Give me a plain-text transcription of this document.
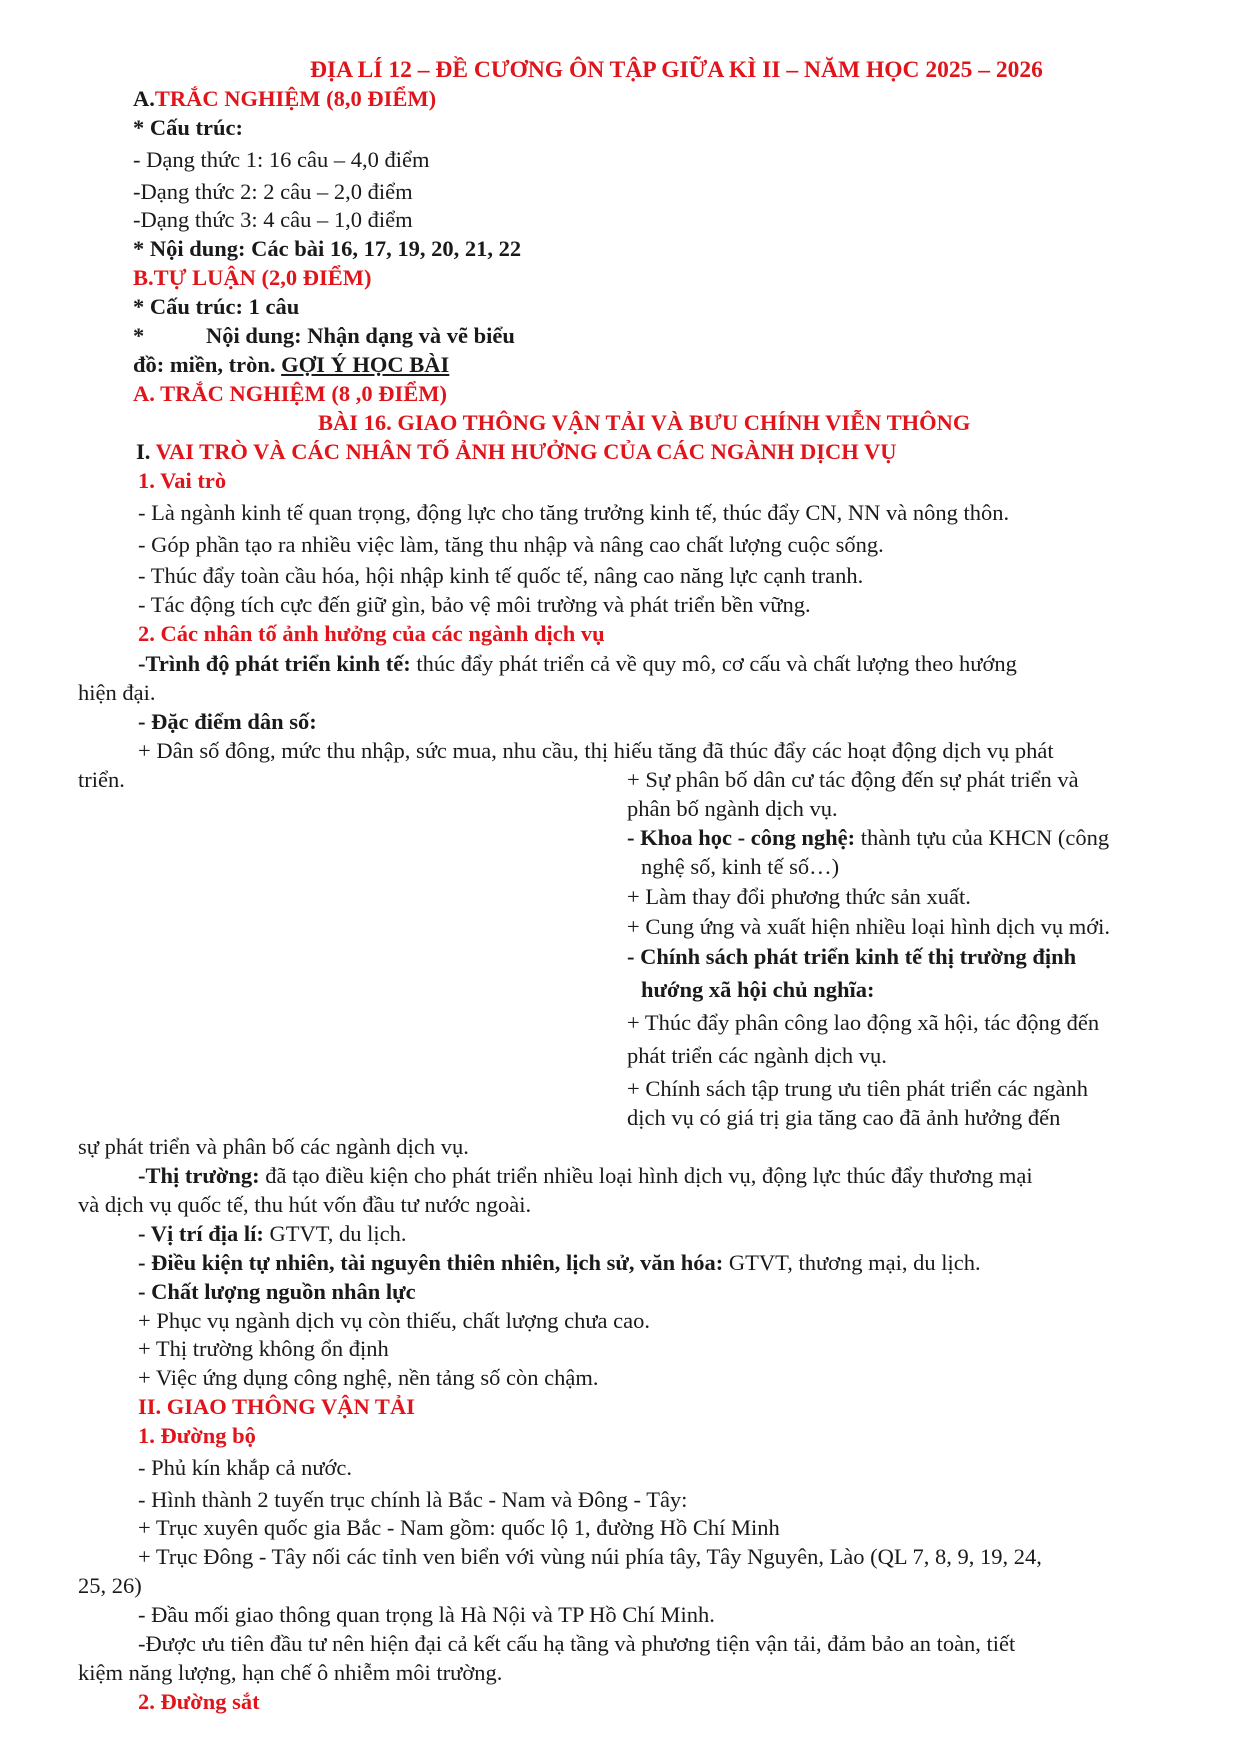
ĐỊA LÍ 12 – ĐỀ CƯƠNG ÔN TẬP GIỮA KÌ II – NĂM HỌC 2025 – 2026
A.TRẮC NGHIỆM (8,0 ĐIỂM)
* Cấu trúc:
- Dạng thức 1: 16 câu – 4,0 điểm
-Dạng thức 2: 2 câu – 2,0 điểm
-Dạng thức 3: 4 câu – 1,0 điểm
* Nội dung: Các bài 16, 17, 19, 20, 21, 22
B.TỰ LUẬN (2,0 ĐIỂM)
* Cấu trúc: 1 câu
*	Nội dung: Nhận dạng và vẽ biểu
đồ: miền, tròn. GỢI Ý HỌC BÀI
A. TRẮC NGHIỆM (8 ,0 ĐIỂM)
BÀI 16. GIAO THÔNG VẬN TẢI VÀ BƯU CHÍNH VIỄN THÔNG
I. VAI TRÒ VÀ CÁC NHÂN TỐ ẢNH HƯỞNG CỦA CÁC NGÀNH DỊCH VỤ
1. Vai trò
- Là ngành kinh tế quan trọng, động lực cho tăng trưởng kinh tế, thúc đẩy CN, NN và nông thôn.
- Góp phần tạo ra nhiều việc làm, tăng thu nhập và nâng cao chất lượng cuộc sống.
- Thúc đẩy toàn cầu hóa, hội nhập kinh tế quốc tế, nâng cao năng lực cạnh tranh.
- Tác động tích cực đến giữ gìn, bảo vệ môi trường và phát triển bền vững.
2. Các nhân tố ảnh hưởng của các ngành dịch vụ
-Trình độ phát triển kinh tế: thúc đẩy phát triển cả về quy mô, cơ cấu và chất lượng theo hướng
hiện đại.
- Đặc điểm dân số:
+ Dân số đông, mức thu nhập, sức mua, nhu cầu, thị hiếu tăng đã thúc đẩy các hoạt động dịch vụ phát
triển.	+ Sự phân bố dân cư tác động đến sự phát triển và
phân bố ngành dịch vụ.
- Khoa học - công nghệ: thành tựu của KHCN (công
nghệ số, kinh tế số…)
+ Làm thay đổi phương thức sản xuất.
+ Cung ứng và xuất hiện nhiều loại hình dịch vụ mới.
- Chính sách phát triển kinh tế thị trường định
hướng xã hội chủ nghĩa:
+ Thúc đẩy phân công lao động xã hội, tác động đến
phát triển các ngành dịch vụ.
+ Chính sách tập trung ưu tiên phát triển các ngành
dịch vụ có giá trị gia tăng cao đã ảnh hưởng đến
sự phát triển và phân bố các ngành dịch vụ.
-Thị trường: đã tạo điều kiện cho phát triển nhiều loại hình dịch vụ, động lực thúc đẩy thương mại
và dịch vụ quốc tế, thu hút vốn đầu tư nước ngoài.
- Vị trí địa lí: GTVT, du lịch.
- Điều kiện tự nhiên, tài nguyên thiên nhiên, lịch sử, văn hóa: GTVT, thương mại, du lịch.
- Chất lượng nguồn nhân lực
+ Phục vụ ngành dịch vụ còn thiếu, chất lượng chưa cao.
+ Thị trường không ổn định
+ Việc ứng dụng công nghệ, nền tảng số còn chậm.
II. GIAO THÔNG VẬN TẢI
1. Đường bộ
- Phủ kín khắp cả nước.
- Hình thành 2 tuyến trục chính là Bắc - Nam và Đông - Tây:
+ Trục xuyên quốc gia Bắc - Nam gồm: quốc lộ 1, đường Hồ Chí Minh
+ Trục Đông - Tây nối các tỉnh ven biển với vùng núi phía tây, Tây Nguyên, Lào (QL 7, 8, 9, 19, 24,
25, 26)
- Đầu mối giao thông quan trọng là Hà Nội và TP Hồ Chí Minh.
-Được ưu tiên đầu tư nên hiện đại cả kết cấu hạ tầng và phương tiện vận tải, đảm bảo an toàn, tiết
kiệm năng lượng, hạn chế ô nhiễm môi trường.
2. Đường sắt
